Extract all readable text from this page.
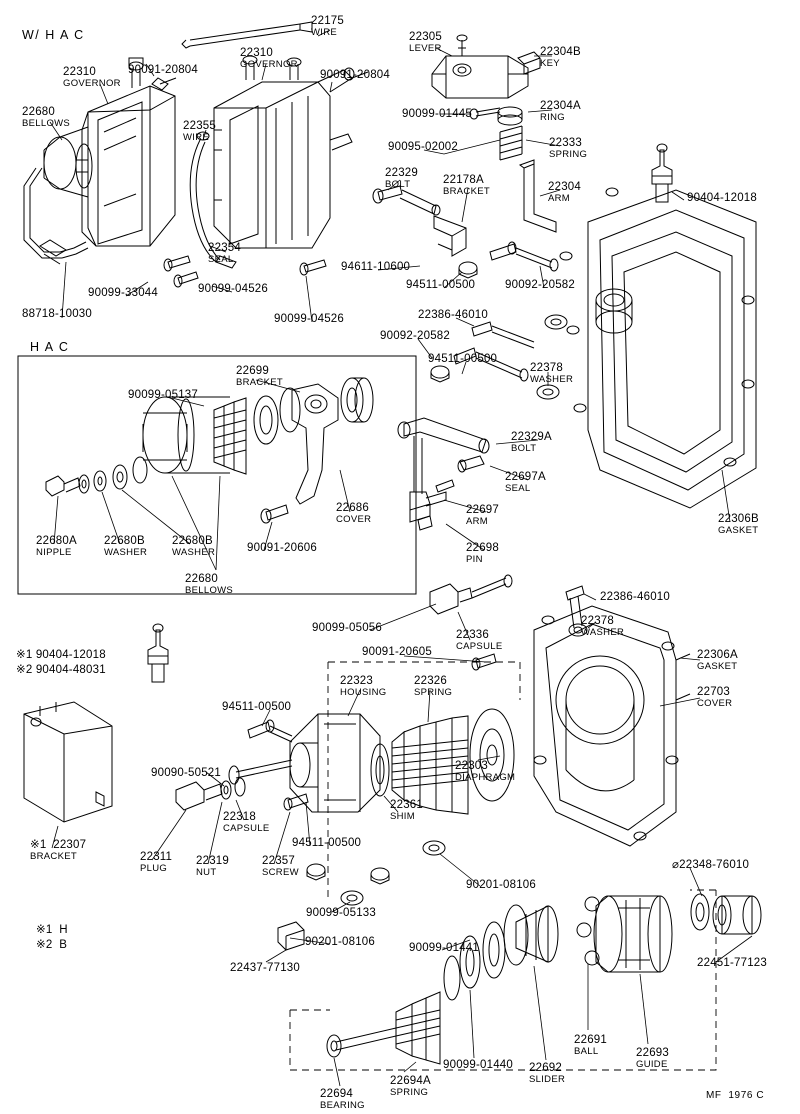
W/ H A C
H A C
※1 H
※2 B
MF  1976 C
22175
WIRE	22305
LEVER	22304B
KEY
22310
GOVERNOR
90091-20804	90091-20804
22310
GOVERNOR
90099-01445
22304A
RING
22680
BELLOWS	22355
WIRE
90095-02002	22333
SPRING
22329
BOLT	22178A
BRACKET	22304
ARM	90404-12018
22354
SEAL
94611-10600
94511-00500	90092-20582
90099-33044	90099-04526
88718-10030	22386-46010
90099-04526
90092-20582
94511-00500
22378
WASHER
22699
BRACKET
90099-05137
22329A
BOLT
22697A
SEAL
22686
COVER
22697
ARM	22306B
GASKET
22680A
NIPPLE
22680B
WASHER
22680B
WASHER	90091-20606	22698
PIN
22680
BELLOWS
22386-46010
22378
WASHER
90099-05056
22336
CAPSULE
※1 90404-12018
※2 90404-48031
90091-20605	22306A
GASKET
22323
HOUSING
22326
SPRING
94511-00500
22703
COVER
22303
DIAPHRAGM
90090-50521
22361
SHIM
22318
CAPSULE
94511-00500
※1  22307
BRACKET	22311
PLUG
22319
NUT
22357
SCREW
⌀22348-76010
90201-08106
90099-05133
22451-77123
90201-08106	90099-01441
22437-77130
22691
BALL	22693
GUIDE
90099-01440 22692
SLIDER
22694A
SPRING
22694
BEARING
